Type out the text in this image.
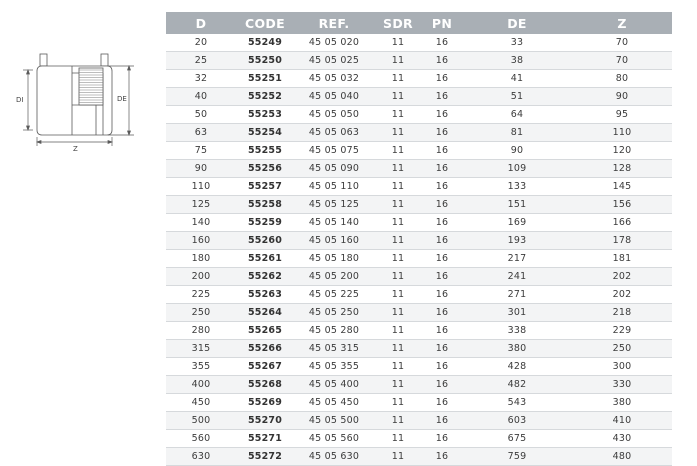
DI	DE
Z
D	CODE	REF.	SDR	PN	DE	Z
20	55249	45 05 020	11	16	33	70
25	55250	45 05 025	11	16	38	70
32	55251	45 05 032	11	16	41	80
40	55252	45 05 040	11	16	51	90
50	55253	45 05 050	11	16	64	95
63	55254	45 05 063	11	16	81	110
75	55255	45 05 075	11	16	90	120
90	55256	45 05 090	11	16	109	128
110	55257	45 05 110	11	16	133	145
125	55258	45 05 125	11	16	151	156
140	55259	45 05 140	11	16	169	166
160	55260	45 05 160	11	16	193	178
180	55261	45 05 180	11	16	217	181
200	55262	45 05 200	11	16	241	202
225	55263	45 05 225	11	16	271	202
250	55264	45 05 250	11	16	301	218
280	55265	45 05 280	11	16	338	229
315	55266	45 05 315	11	16	380	250
355	55267	45 05 355	11	16	428	300
400	55268	45 05 400	11	16	482	330
450	55269	45 05 450	11	16	543	380
500	55270	45 05 500	11	16	603	410
560	55271	45 05 560	11	16	675	430
630	55272	45 05 630	11	16	759	480
